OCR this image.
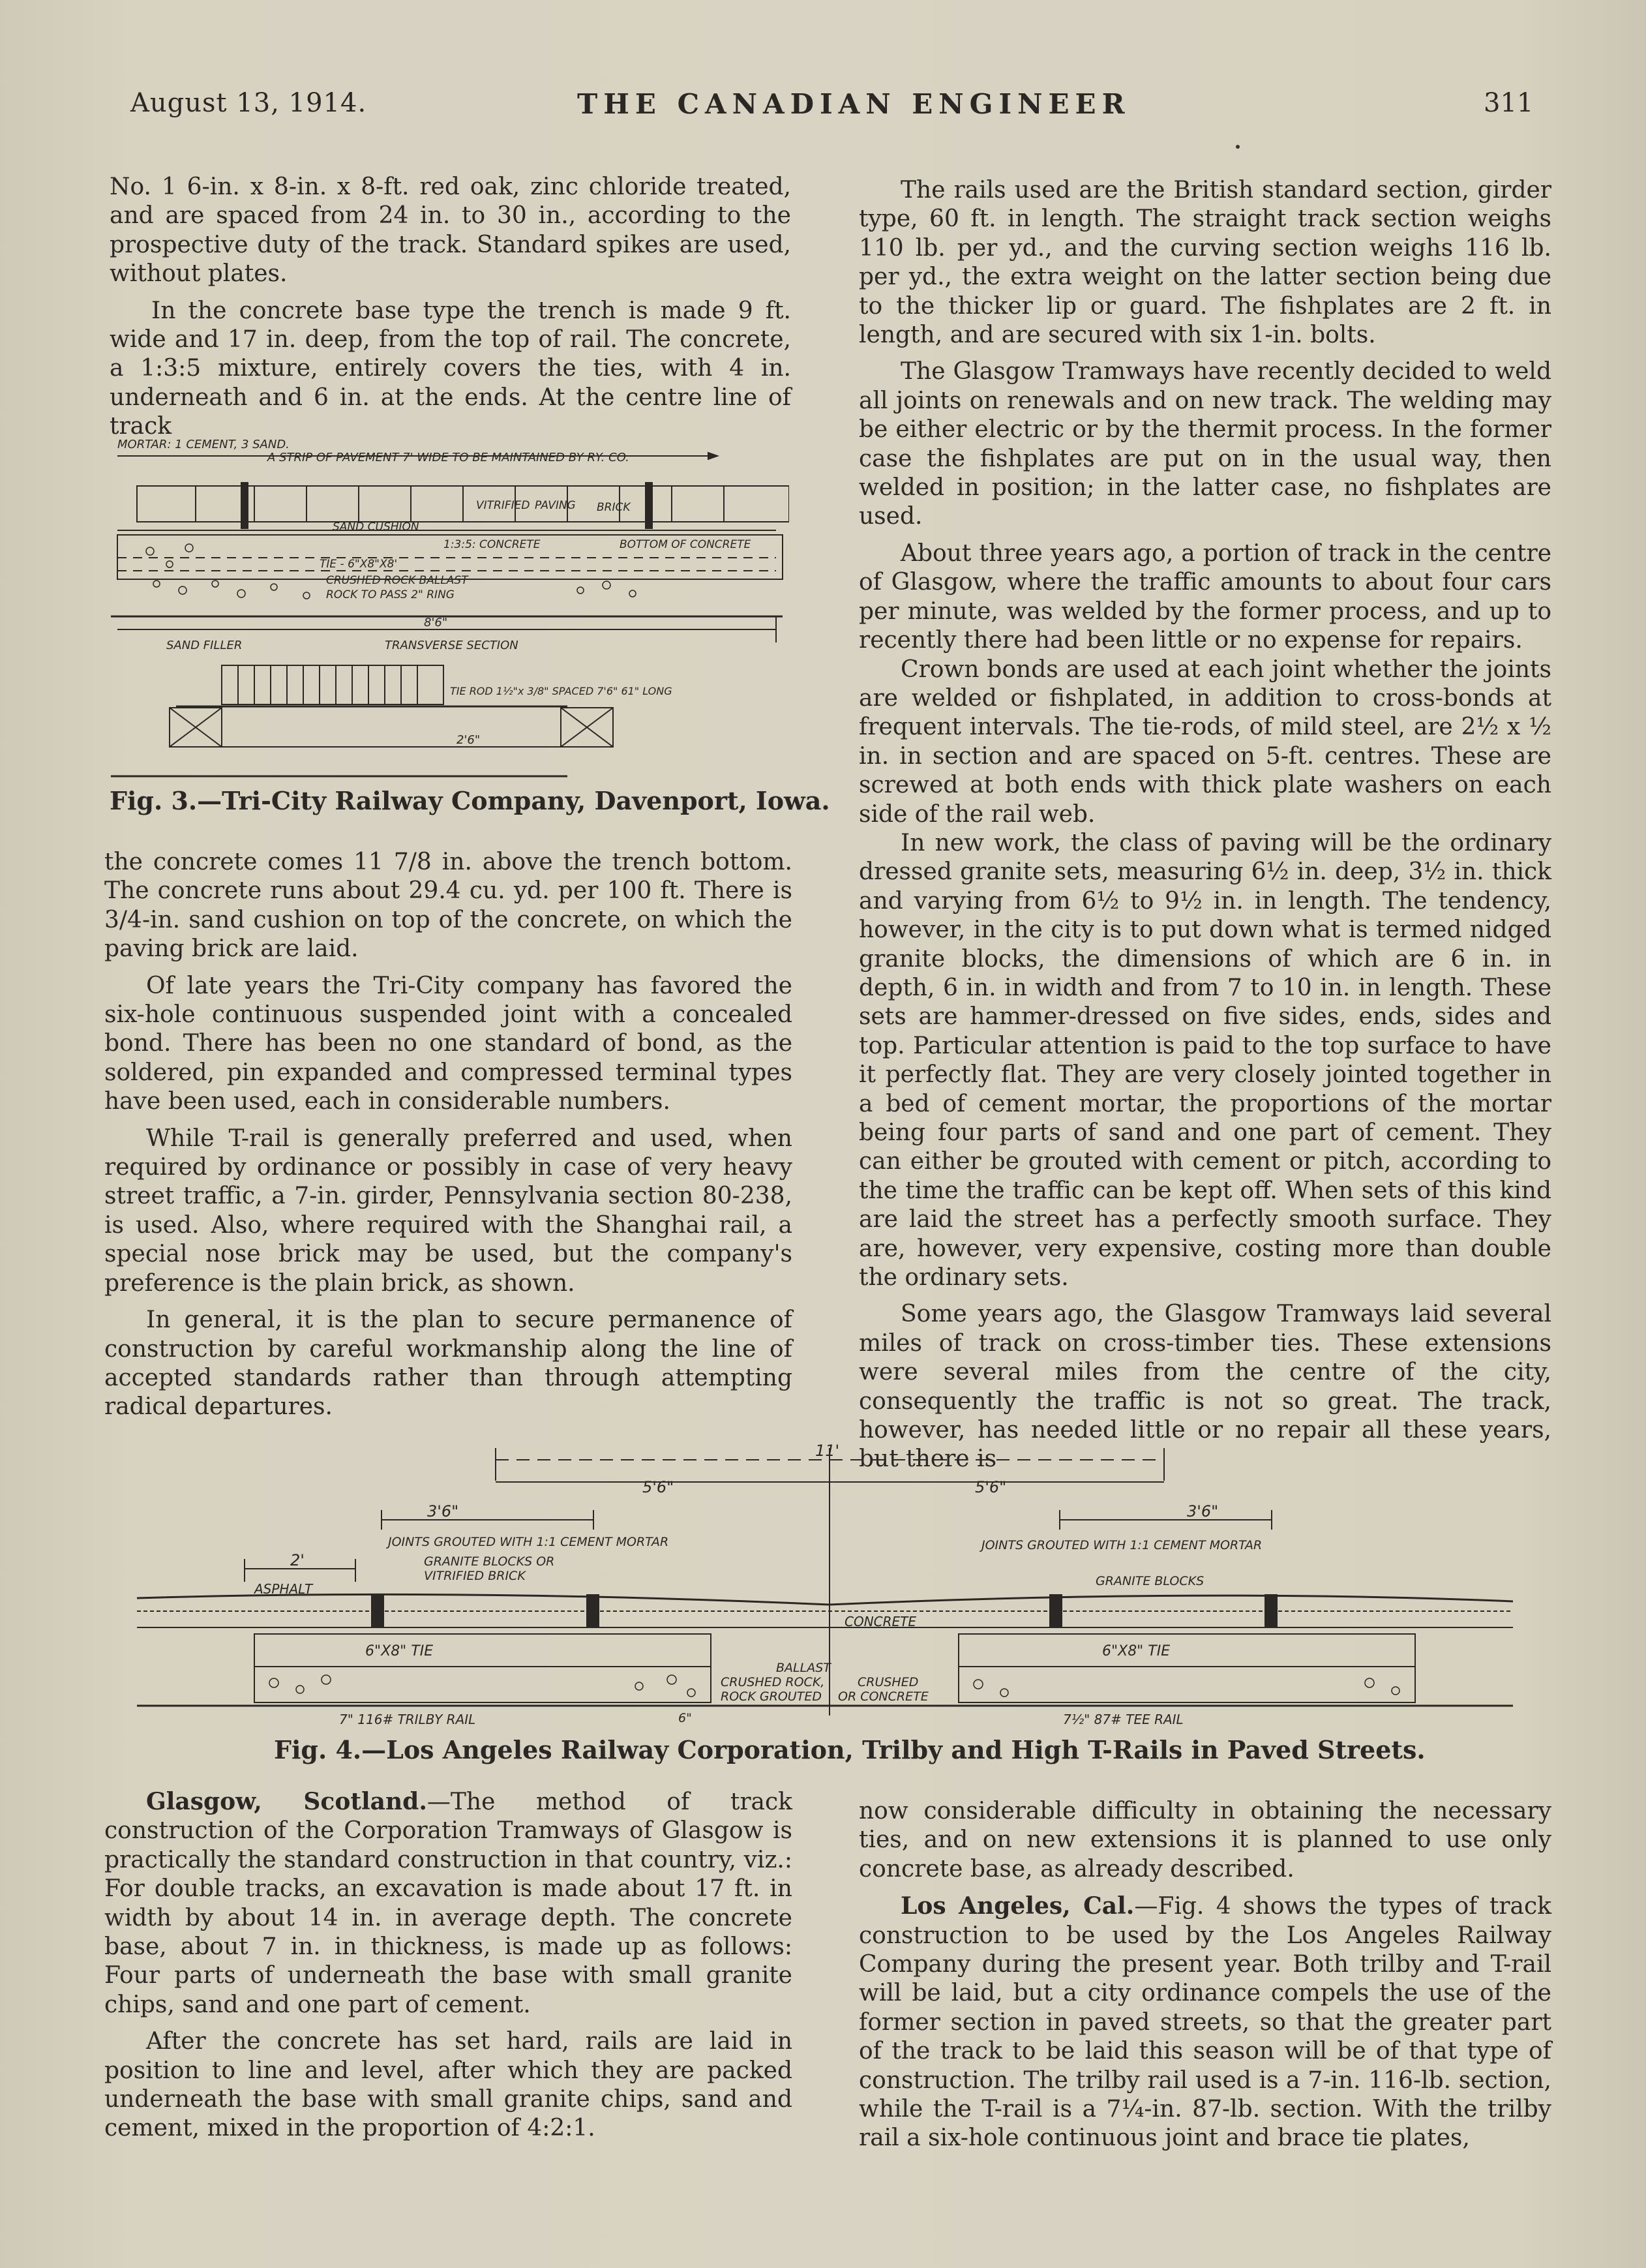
August 13, 1914.	THE CANADIAN ENGINEER	311

No. 1 6-in. x 8-in. x 8-ft. red oak, zinc chloride treated, and are spaced from 24 in. to 30 in., according to the prospective duty of the track. Standard spikes are used, without plates.

In the concrete base type the trench is made 9 ft. wide and 17 in. deep, from the top of rail. The concrete, a 1:3:5 mixture, entirely covers the ties, with 4 in. underneath and 6 in. at the ends. At the centre line of track

MORTAR: 1 CEMENT, 3 SAND.
A STRIP OF PAVEMENT 7' WIDE TO BE MAINTAINED BY RY. CO.
VITRIFIED PAVING BRICK
SAND CUSHION
1:3:5: CONCRETE	BOTTOM OF CONCRETE
TIE - 6"X8"X8'
CRUSHED ROCK BALLAST
ROCK TO PASS 2" RING
8'6"
SAND FILLER	TRANSVERSE SECTION
TIE ROD 1½"x 3/8" SPACED 7'6" 61" LONG
2'6"
Fig. 3.—Tri-City Railway Company, Davenport, Iowa.

the concrete comes 11 7/8 in. above the trench bottom. The concrete runs about 29.4 cu. yd. per 100 ft. There is 3/4-in. sand cushion on top of the concrete, on which the paving brick are laid.

Of late years the Tri-City company has favored the six-hole continuous suspended joint with a concealed bond. There has been no one standard of bond, as the soldered, pin expanded and compressed terminal types have been used, each in considerable numbers.

While T-rail is generally preferred and used, when required by ordinance or possibly in case of very heavy street traffic, a 7-in. girder, Pennsylvania section 80-238, is used. Also, where required with the Shanghai rail, a special nose brick may be used, but the company's preference is the plain brick, as shown.

In general, it is the plan to secure permanence of construction by careful workmanship along the line of accepted standards rather than through attempting radical departures.

The rails used are the British standard section, girder type, 60 ft. in length. The straight track section weighs 110 lb. per yd., and the curving section weighs 116 lb. per yd., the extra weight on the latter section being due to the thicker lip or guard. The fishplates are 2 ft. in length, and are secured with six 1-in. bolts.

The Glasgow Tramways have recently decided to weld all joints on renewals and on new track. The welding may be either electric or by the thermit process. In the former case the fishplates are put on in the usual way, then welded in position; in the latter case, no fishplates are used.

About three years ago, a portion of track in the centre of Glasgow, where the traffic amounts to about four cars per minute, was welded by the former process, and up to recently there had been little or no expense for repairs.

Crown bonds are used at each joint whether the joints are welded or fishplated, in addition to cross-bonds at frequent intervals. The tie-rods, of mild steel, are 2½ x ½ in. in section and are spaced on 5-ft. centres. These are screwed at both ends with thick plate washers on each side of the rail web.

In new work, the class of paving will be the ordinary dressed granite sets, measuring 6½ in. deep, 3½ in. thick and varying from 6½ to 9½ in. in length. The tendency, however, in the city is to put down what is termed nidged granite blocks, the dimensions of which are 6 in. in depth, 6 in. in width and from 7 to 10 in. in length. These sets are hammer-dressed on five sides, ends, sides and top. Particular attention is paid to the top surface to have it perfectly flat. They are very closely jointed together in a bed of cement mortar, the proportions of the mortar being four parts of sand and one part of cement. They can either be grouted with cement or pitch, according to the time the traffic can be kept off. When sets of this kind are laid the street has a perfectly smooth surface. They are, however, very expensive, costing more than double the ordinary sets.

Some years ago, the Glasgow Tramways laid several miles of track on cross-timber ties. These extensions were several miles from the centre of the city, consequently the traffic is not so great. The track, however, has needed little or no repair all these years, but there is

11'
5'6"	5'6"
3'6"	3'6"
2'
ASPHALT
JOINTS GROUTED WITH 1:1 CEMENT MORTAR
GRANITE BLOCKS OR
VITRIFIED BRICK
JOINTS GROUTED WITH 1:1 CEMENT MORTAR
GRANITE BLOCKS
CONCRETE
6"X8" TIE	6"X8" TIE
BALLAST
CRUSHED ROCK,
ROCK GROUTED
CRUSHED
OR CONCRETE
6"
7" 116# TRILBY RAIL	7½" 87# TEE RAIL
Fig. 4.—Los Angeles Railway Corporation, Trilby and High T-Rails in Paved Streets.

Glasgow, Scotland.—The method of track construction of the Corporation Tramways of Glasgow is practically the standard construction in that country, viz.: For double tracks, an excavation is made about 17 ft. in width by about 14 in. in average depth. The concrete base, about 7 in. in thickness, is made up as follows: Four parts of underneath the base with small granite chips, sand and one part of cement.

After the concrete has set hard, rails are laid in position to line and level, after which they are packed underneath the base with small granite chips, sand and cement, mixed in the proportion of 4:2:1.

now considerable difficulty in obtaining the necessary ties, and on new extensions it is planned to use only concrete base, as already described.

Los Angeles, Cal.—Fig. 4 shows the types of track construction to be used by the Los Angeles Railway Company during the present year. Both trilby and T-rail will be laid, but a city ordinance compels the use of the former section in paved streets, so that the greater part of the track to be laid this season will be of that type of construction. The trilby rail used is a 7-in. 116-lb. section, while the T-rail is a 7¼-in. 87-lb. section. With the trilby rail a six-hole continuous joint and brace tie plates,
